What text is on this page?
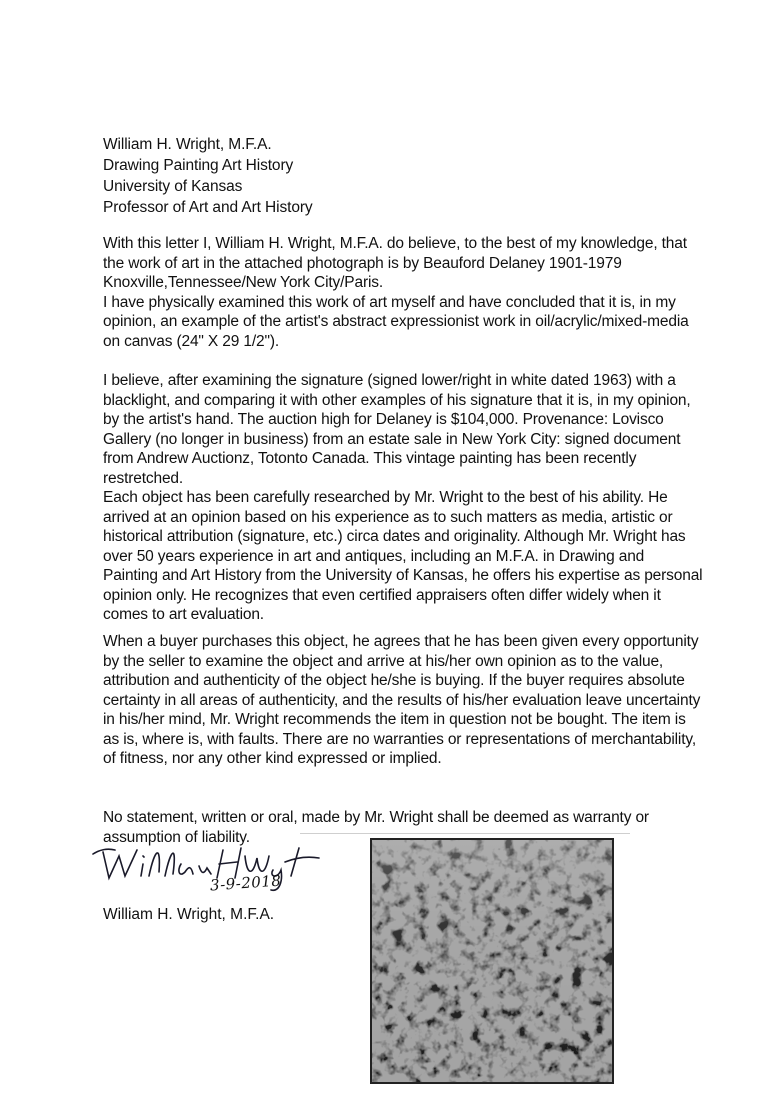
William H. Wright, M.F.A.
Drawing Painting Art History
University of Kansas
Professor of Art and Art History

With this letter I, William H. Wright, M.F.A. do believe, to the best of my knowledge, that the work of art in the attached photograph is by Beauford Delaney 1901-1979 Knoxville,Tennessee/New York City/Paris.

I have physically examined this work of art myself and have concluded that it is, in my opinion, an example of the artist's abstract expressionist work in oil/acrylic/mixed-media on canvas (24" X 29 1/2").

I believe, after examining the signature (signed lower/right in white dated 1963) with a blacklight, and comparing it with other examples of his signature that it is, in my opinion, by the artist's hand. The auction high for Delaney is $104,000. Provenance: Lovisco Gallery (no longer in business) from an estate sale in New York City: signed document from Andrew Auctionz, Totonto Canada. This vintage painting has been recently restretched.

Each object has been carefully researched by Mr. Wright to the best of his ability. He arrived at an opinion based on his experience as to such matters as media, artistic or historical attribution (signature, etc.) circa dates and originality. Although Mr. Wright has over 50 years experience in art and antiques, including an M.F.A. in Drawing and Painting and Art History from the University of Kansas, he offers his expertise as personal opinion only. He recognizes that even certified appraisers often differ widely when it comes to art evaluation.

When a buyer purchases this object, he agrees that he has been given every opportunity by the seller to examine the object and arrive at his/her own opinion as to the value, attribution and authenticity of the object he/she is buying. If the buyer requires absolute certainty in all areas of authenticity, and the results of his/her evaluation leave uncertainty in his/her mind, Mr. Wright recommends the item in question not be bought. The item is as is, where is, with faults. There are no warranties or representations of merchantability, of fitness, nor any other kind expressed or implied.

No statement, written or oral, made by Mr. Wright shall be deemed as warranty or assumption of liability.

3-9-2018
William H. Wright, M.F.A.
